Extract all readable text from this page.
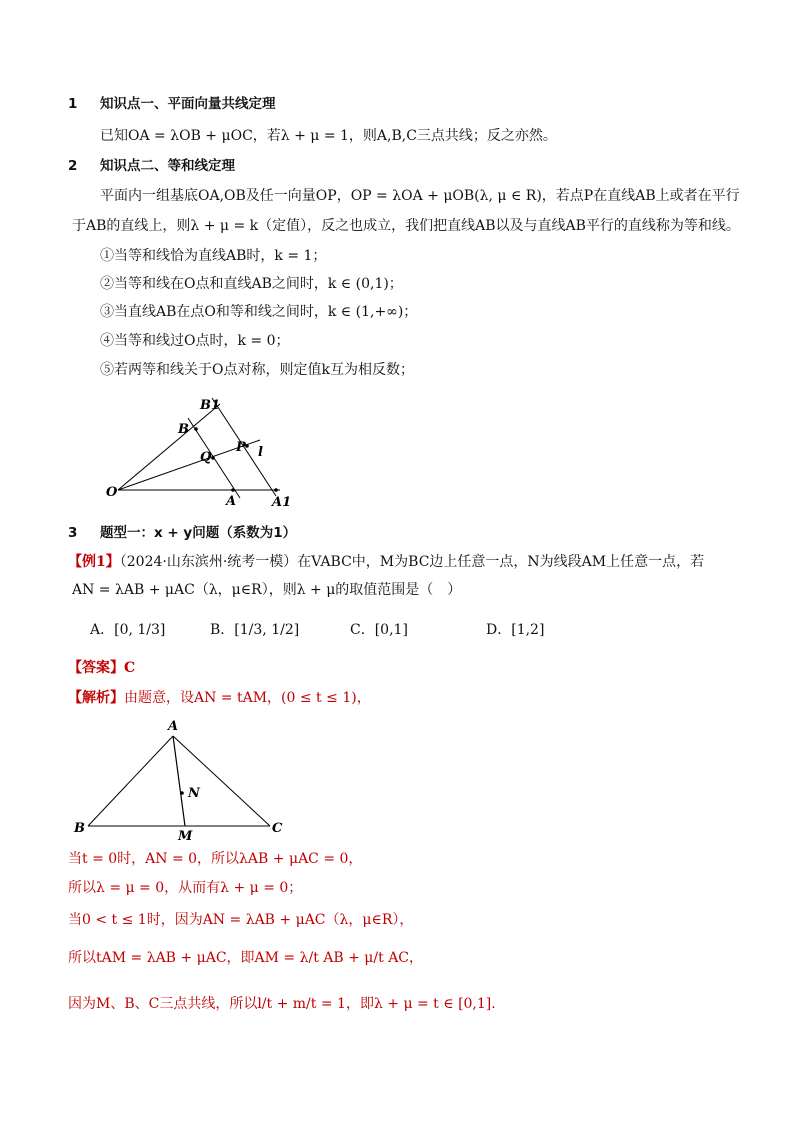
1 知识点一、平面向量共线定理
已知OA = λOB + μOC，若λ + μ = 1，则A,B,C三点共线；反之亦然。
2 知识点二、等和线定理
平面内一组基底OA,OB及任一向量OP，OP = λOA + μOB(λ, μ ∈ R)，若点P在直线AB上或者在平行
于AB的直线上，则λ + μ = k（定值），反之也成立，我们把直线AB以及与直线AB平行的直线称为等和线。
①当等和线恰为直线AB时，k = 1；
②当等和线在O点和直线AB之间时，k ∈ (0,1)；
③当直线AB在点O和等和线之间时，k ∈ (1,+∞)；
④当等和线过O点时，k = 0；
⑤若两等和线关于O点对称，则定值k互为相反数；
B1
B
Q
P l
O
A	A1
3 题型一：x + y问题（系数为1）
【例1】（2024·山东滨州·统考一模）在VABC中，M为BC边上任意一点，N为线段AM上任意一点，若
AN = λAB + μAC（λ，μ∈R），则λ + μ的取值范围是（　）
A．[0, 1/3]	B．[1/3, 1/2]	C．[0,1]	D．[1,2]
【答案】C
【解析】由题意，设AN = tAM，(0 ≤ t ≤ 1)，
A
N
B
M
C
当t = 0时，AN = 0，所以λAB + μAC = 0，
所以λ = μ = 0，从而有λ + μ = 0；
当0 < t ≤ 1时，因为AN = λAB + μAC（λ，μ∈R），
所以tAM = λAB + μAC，即AM = λ/t AB + μ/t AC，
因为M、B、C三点共线，所以l/t + m/t = 1，即λ + μ = t ∈ [0,1].
